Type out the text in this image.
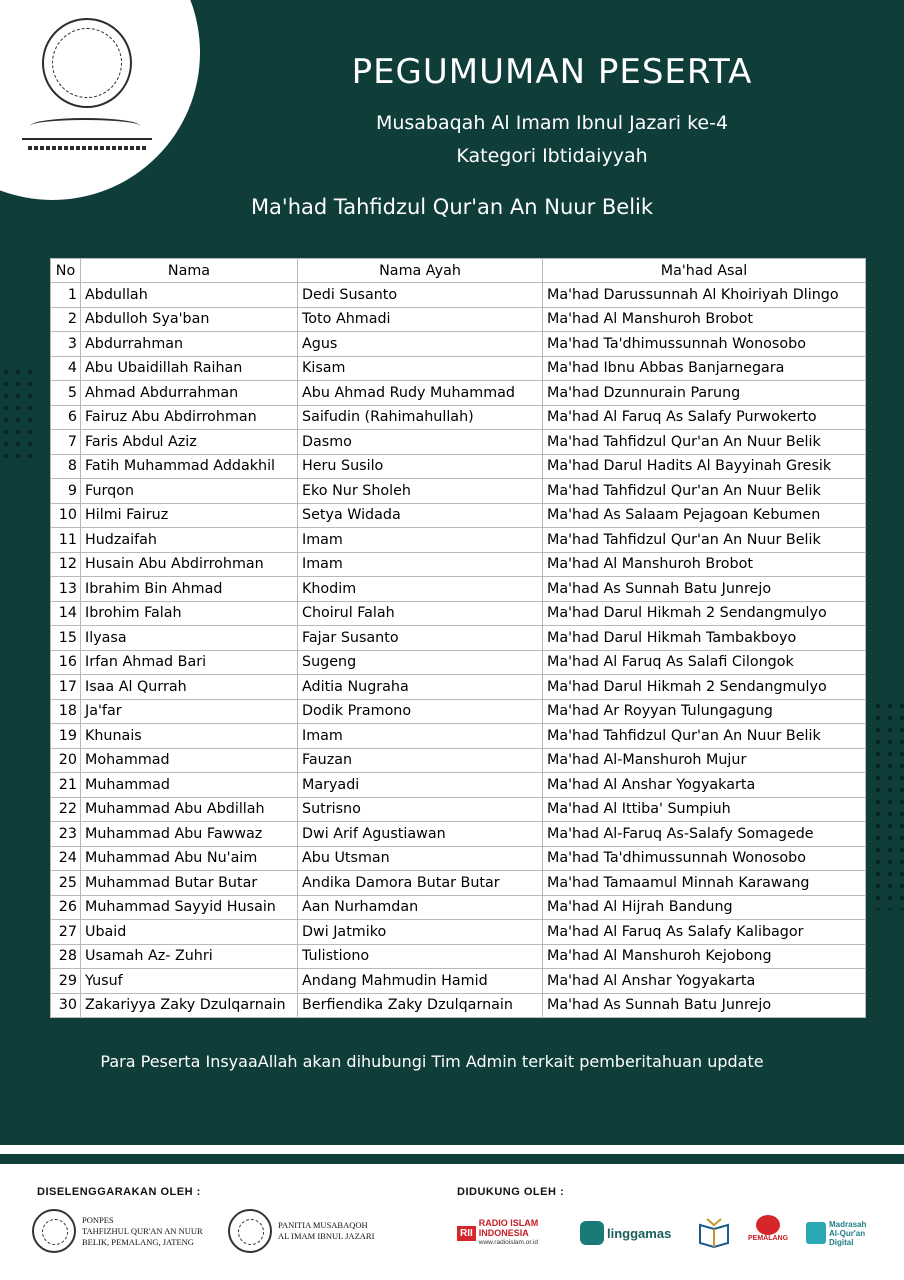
PEGUMUMAN PESERTA
Musabaqah Al Imam Ibnul Jazari ke-4
Kategori Ibtidaiyyah
Ma'had Tahfidzul Qur'an An Nuur Belik
No	Nama	Nama Ayah	Ma'had Asal
1	Abdullah	Dedi Susanto	Ma'had Darussunnah Al Khoiriyah Dlingo
2	Abdulloh Sya'ban	Toto Ahmadi	Ma'had Al Manshuroh Brobot
3	Abdurrahman	Agus	Ma'had Ta'dhimussunnah Wonosobo
4	Abu Ubaidillah Raihan	Kisam	Ma'had Ibnu Abbas Banjarnegara
5	Ahmad Abdurrahman	Abu Ahmad Rudy Muhammad	Ma'had Dzunnurain Parung
6	Fairuz Abu Abdirrohman	Saifudin (Rahimahullah)	Ma'had Al Faruq As Salafy Purwokerto
7	Faris Abdul Aziz	Dasmo	Ma'had Tahfidzul Qur'an An Nuur Belik
8	Fatih Muhammad Addakhil	Heru Susilo	Ma'had Darul Hadits Al Bayyinah Gresik
9	Furqon	Eko Nur Sholeh	Ma'had Tahfidzul Qur'an An Nuur Belik
10	Hilmi Fairuz	Setya Widada	Ma'had As Salaam Pejagoan Kebumen
11	Hudzaifah	Imam	Ma'had Tahfidzul Qur'an An Nuur Belik
12	Husain Abu Abdirrohman	Imam	Ma'had Al Manshuroh Brobot
13	Ibrahim Bin Ahmad	Khodim	Ma'had As Sunnah Batu Junrejo
14	Ibrohim Falah	Choirul Falah	Ma'had Darul Hikmah 2 Sendangmulyo
15	Ilyasa	Fajar Susanto	Ma'had Darul Hikmah Tambakboyo
16	Irfan Ahmad Bari	Sugeng	Ma'had Al Faruq As Salafi Cilongok
17	Isaa Al Qurrah	Aditia Nugraha	Ma'had Darul Hikmah 2 Sendangmulyo
18	Ja'far	Dodik Pramono	Ma'had Ar Royyan Tulungagung
19	Khunais	Imam	Ma'had Tahfidzul Qur'an An Nuur Belik
20	Mohammad	Fauzan	Ma'had Al-Manshuroh Mujur
21	Muhammad	Maryadi	Ma'had Al Anshar Yogyakarta
22	Muhammad Abu Abdillah	Sutrisno	Ma'had Al Ittiba' Sumpiuh
23	Muhammad Abu Fawwaz	Dwi Arif Agustiawan	Ma'had Al-Faruq As-Salafy Somagede
24	Muhammad Abu Nu'aim	Abu Utsman	Ma'had Ta'dhimussunnah Wonosobo
25	Muhammad Butar Butar	Andika Damora Butar Butar	Ma'had Tamaamul Minnah Karawang
26	Muhammad Sayyid Husain	Aan Nurhamdan	Ma'had Al Hijrah Bandung
27	Ubaid	Dwi Jatmiko	Ma'had Al Faruq As Salafy Kalibagor
28	Usamah Az- Zuhri	Tulistiono	Ma'had Al Manshuroh Kejobong
29	Yusuf	Andang Mahmudin Hamid	Ma'had Al Anshar Yogyakarta
30	Zakariyya Zaky Dzulqarnain	Berfiendika Zaky Dzulqarnain	Ma'had As Sunnah Batu Junrejo
Para Peserta InsyaaAllah akan dihubungi Tim Admin terkait pemberitahuan update
DISELENGGARAKAN OLEH :	DIDUKUNG OLEH :
PONPES
TAHFIZHUL QUR'AN AN NUUR
BELIK, PEMALANG, JATENG
PANITIA MUSABAQOH
AL IMAM IBNUL JAZARI	RII
RADIO ISLAM
INDONESIA
www.radioislam.or.id
linggamas	PEMALANG
Madrasah
Al-Qur'an
Digital
